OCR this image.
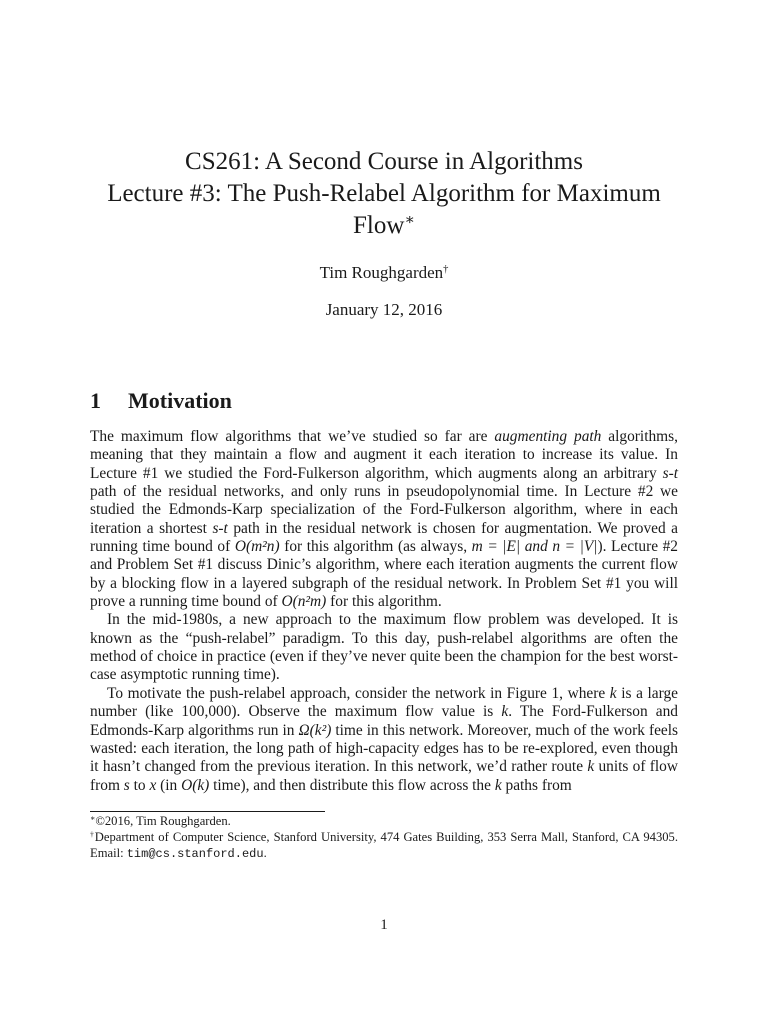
CS261: A Second Course in Algorithms
Lecture #3: The Push-Relabel Algorithm for Maximum
Flow∗
Tim Roughgarden†
January 12, 2016
1 Motivation

The maximum flow algorithms that we’ve studied so far are augmenting path algorithms, meaning that they maintain a flow and augment it each iteration to increase its value. In Lecture #1 we studied the Ford-Fulkerson algorithm, which augments along an arbitrary s-t path of the residual networks, and only runs in pseudopolynomial time. In Lecture #2 we studied the Edmonds-Karp specialization of the Ford-Fulkerson algorithm, where in each iteration a shortest s-t path in the residual network is chosen for augmentation. We proved a running time bound of O(m²n) for this algorithm (as always, m = |E| and n = |V|). Lecture #2 and Problem Set #1 discuss Dinic’s algorithm, where each iteration augments the current flow by a blocking flow in a layered subgraph of the residual network. In Problem Set #1 you will prove a running time bound of O(n²m) for this algorithm.

In the mid-1980s, a new approach to the maximum flow problem was developed. It is known as the “push-relabel” paradigm. To this day, push-relabel algorithms are often the method of choice in practice (even if they’ve never quite been the champion for the best worst-case asymptotic running time).

To motivate the push-relabel approach, consider the network in Figure 1, where k is a large number (like 100,000). Observe the maximum flow value is k. The Ford-Fulkerson and Edmonds-Karp algorithms run in Ω(k²) time in this network. Moreover, much of the work feels wasted: each iteration, the long path of high-capacity edges has to be re-explored, even though it hasn’t changed from the previous iteration. In this network, we’d rather route k units of flow from s to x (in O(k) time), and then distribute this flow across the k paths from

∗©2016, Tim Roughgarden.
†Department of Computer Science, Stanford University, 474 Gates Building, 353 Serra Mall, Stanford, CA 94305. Email: tim@cs.stanford.edu.
1
